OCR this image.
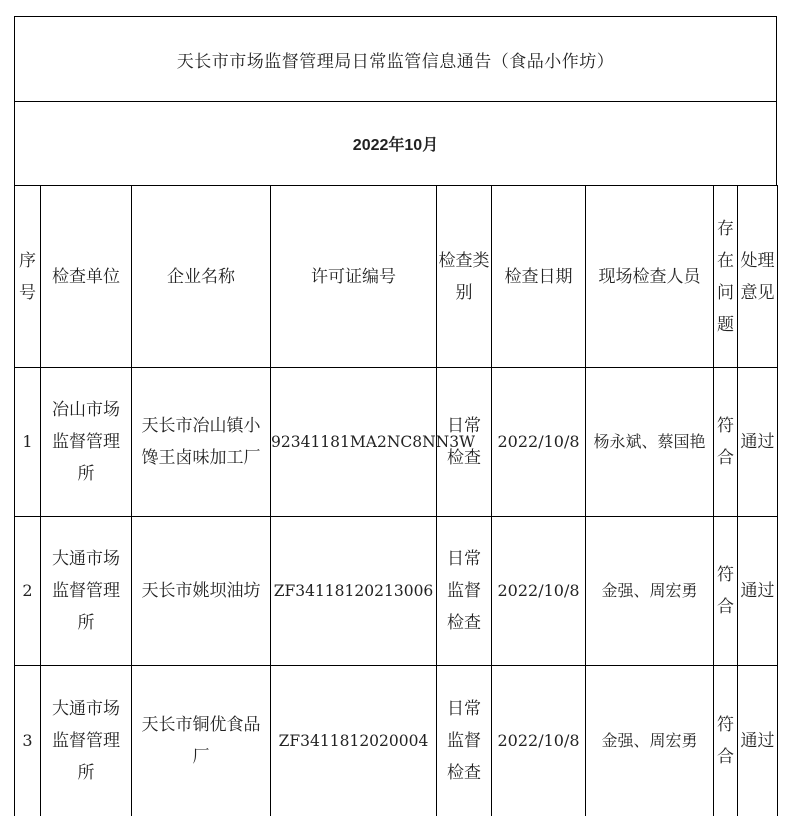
天长市市场监督管理局日常监管信息通告（食品小作坊）
2022年10月
序号	检查单位	企业名称	许可证编号	检查类别	检查日期	现场检查人员	存在问题	处理意见
1	冶山市场监督管理所	天长市冶山镇小馋王卤味加工厂	92341181MA2NC8NN3W	日常检查	2022/10/8	杨永斌、蔡国艳	符合	通过
2	大通市场监督管理所	天长市姚坝油坊	ZF34118120213006	日常监督检查	2022/10/8	金强、周宏勇	符合	通过
3	大通市场监督管理所	天长市铜优食品厂	ZF3411812020004	日常监督检查	2022/10/8	金强、周宏勇	符合	通过
